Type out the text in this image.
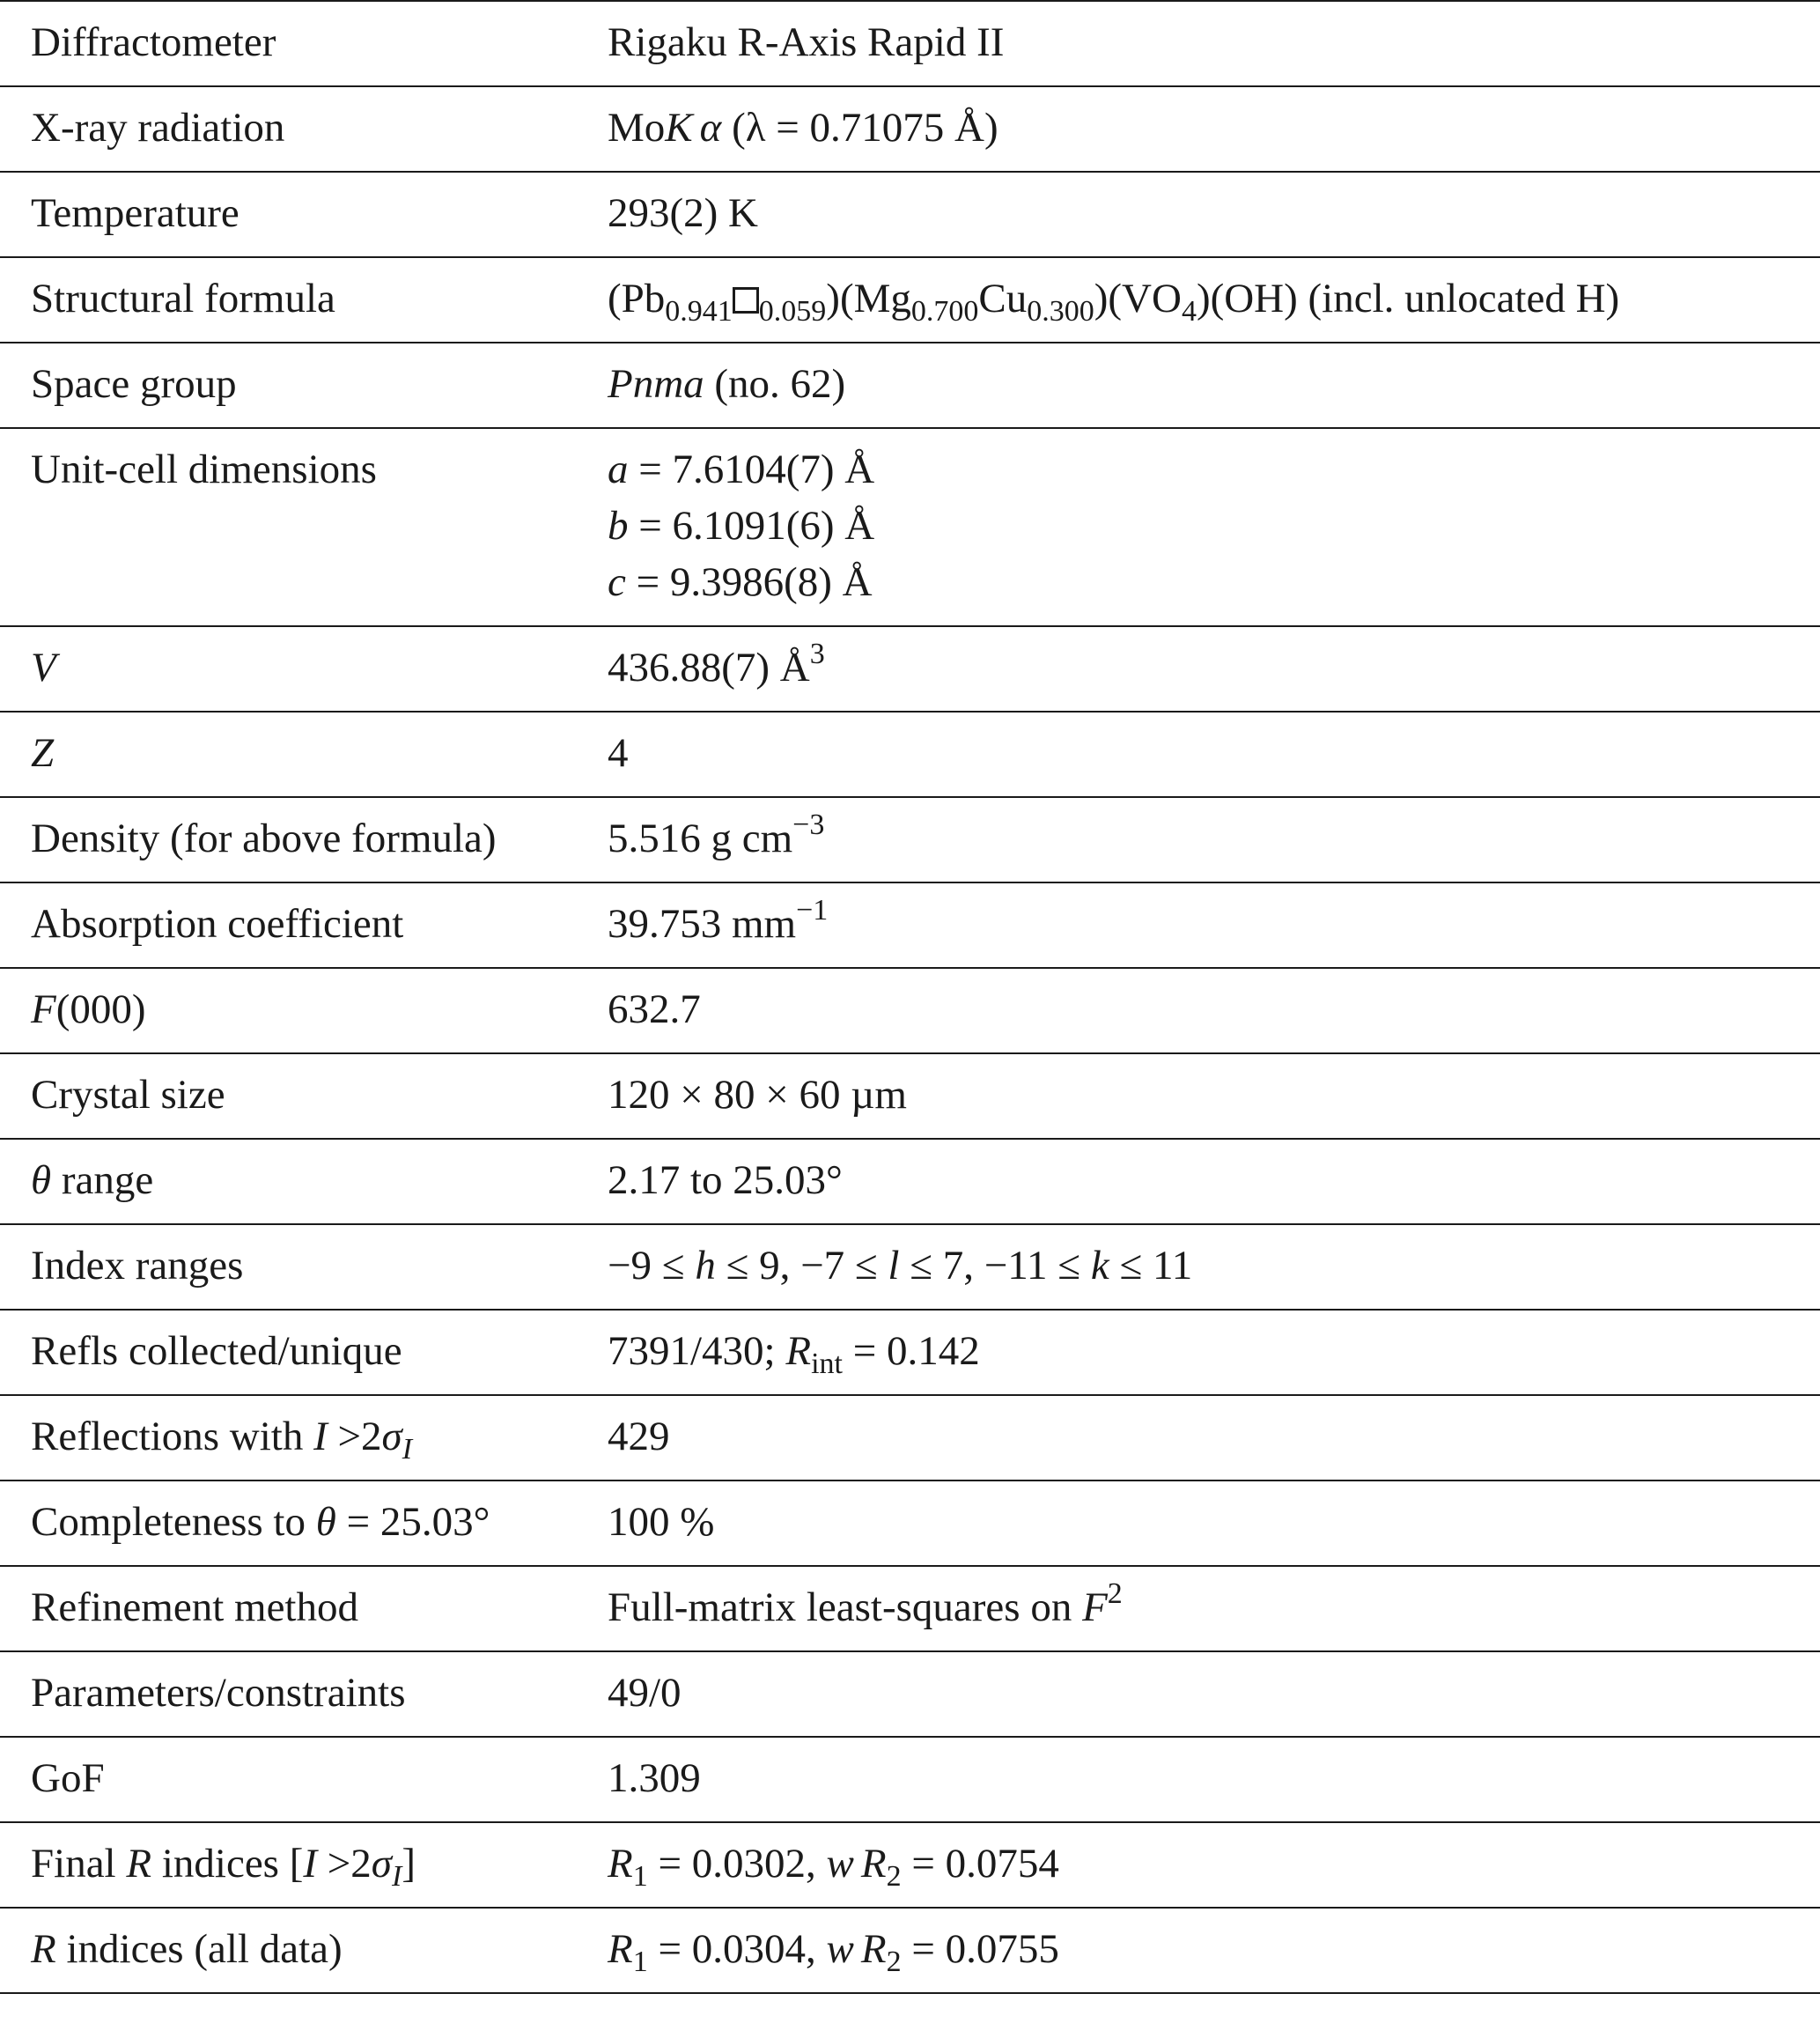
Diffractometer	Rigaku R-Axis Rapid II
X-ray radiation	MoK α (λ = 0.71075 Å)
Temperature	293(2) K
Structural formula	($Pb_{0.941}$ $_{0.059})(Mg_{0.700}Cu_{0.300})(VO_4)(OH)$ (incl. unlocated H)
Space group	Pnma (no. 62)
Unit-cell dimensions	a = 7.6104(7) Å
b = 6.1091(6) Å
c = 9.3986(8) Å

V	436.88(7) $Å^3$
Z	4
Density (for above formula)	5.516 g $cm^{-3}$
Absorption coefficient	39.753 $mm^{-1}$
F(000)	632.7
Crystal size	120 × 80 × 60 µm
θ range	2.17 to 25.03°
Index ranges	−9 ≤ h ≤ 9, −7 ≤ l ≤ 7, −11 ≤ k ≤ 11
Refls collected/unique	7391/430; $R_{int} = 0.142$
Reflections with $I >2\sigma_I$	429
Completeness to θ = 25.03°	100 %
Refinement method	Full-matrix least-squares on $F^2$
Parameters/constraints	49/0
GoF	1.309
Final R indices $[I >2\sigma_I]$	$R_1 = 0.0302$, w $R_2 = 0.0754$
R indices (all data)	$R_1 = 0.0304$, w $R_2 = 0.0755$
